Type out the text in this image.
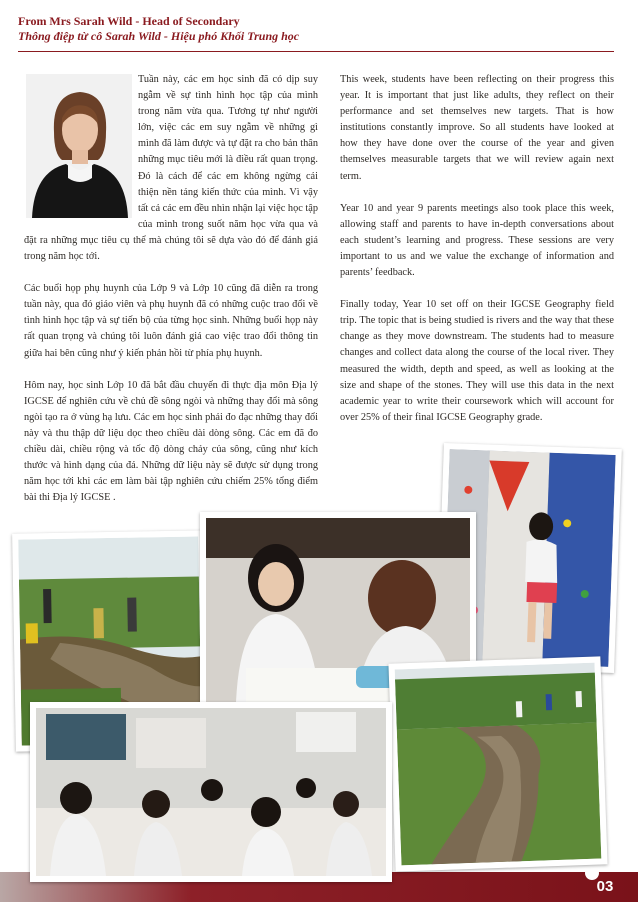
From Mrs Sarah Wild - Head of Secondary
Thông điệp từ cô Sarah Wild - Hiệu phó Khối Trung học

Tuần này, các em học sinh đã có dịp suy ngẫm về sự tình hình học tập của mình trong năm vừa qua. Tương tự như người lớn, việc các em suy ngẫm về những gì mình đã làm được và tự đặt ra cho bản thân những mục tiêu mới là điều rất quan trọng. Đó là cách để các em không ngừng cải thiện nền tảng kiến thức của mình. Vì vậy tất cả các em đều nhìn nhận lại việc học tập của mình trong suốt năm học vừa qua và đặt ra những mục tiêu cụ thể mà chúng tôi sẽ dựa vào đó để đánh giá trong năm học tới.

Các buổi họp phụ huynh của Lớp 9 và Lớp 10 cũng đã diễn ra trong tuần này, qua đó giáo viên và phụ huynh đã có những cuộc trao đổi về tình hình học tập và sự tiến bộ của từng học sinh. Những buổi họp này rất quan trọng và chúng tôi luôn đánh giá cao việc trao đổi thông tin giữa hai bên cũng như ý kiến phản hồi từ phía phụ huynh.

Hôm nay, học sinh Lớp 10 đã bắt đầu chuyến đi thực địa môn Địa lý IGCSE để nghiên cứu về chủ đề sông ngòi và những thay đổi mà sông ngòi tạo ra ở vùng hạ lưu. Các em học sinh phải đo đạc những thay đổi này và thu thập dữ liệu dọc theo chiều dài dòng sông. Các em đã đo chiều dài, chiều rộng và tốc độ dòng chảy của sông, cũng như kích thước và hình dạng của đá. Những dữ liệu này sẽ được sử dụng trong năm học tới khi các em làm bài tập nghiên cứu chiếm 25% tổng điểm bài thi Địa lý IGCSE .

This week, students have been reflecting on their progress this year. It is important that just like adults, they reflect on their performance and set themselves new targets. That is how institutions constantly improve. So all students have looked at how they have done over the course of the year and given themselves measurable targets that we will review again next term.

Year 10 and year 9 parents meetings also took place this week, allowing staff and parents to have in-depth conversations about each student’s learning and progress. These sessions are very important to us and we value the exchange of information and parents’ feedback.

Finally today, Year 10 set off on their IGCSE Geography field trip. The topic that is being studied is rivers and the way that these change as they move downstream. The students had to measure changes and collect data along the course of the local river. They measured the width, depth and speed, as well as looking at the size and shape of the stones. They will use this data in the next academic year to write their coursework which will account for over 25% of their final IGCSE Geography grade.

03
